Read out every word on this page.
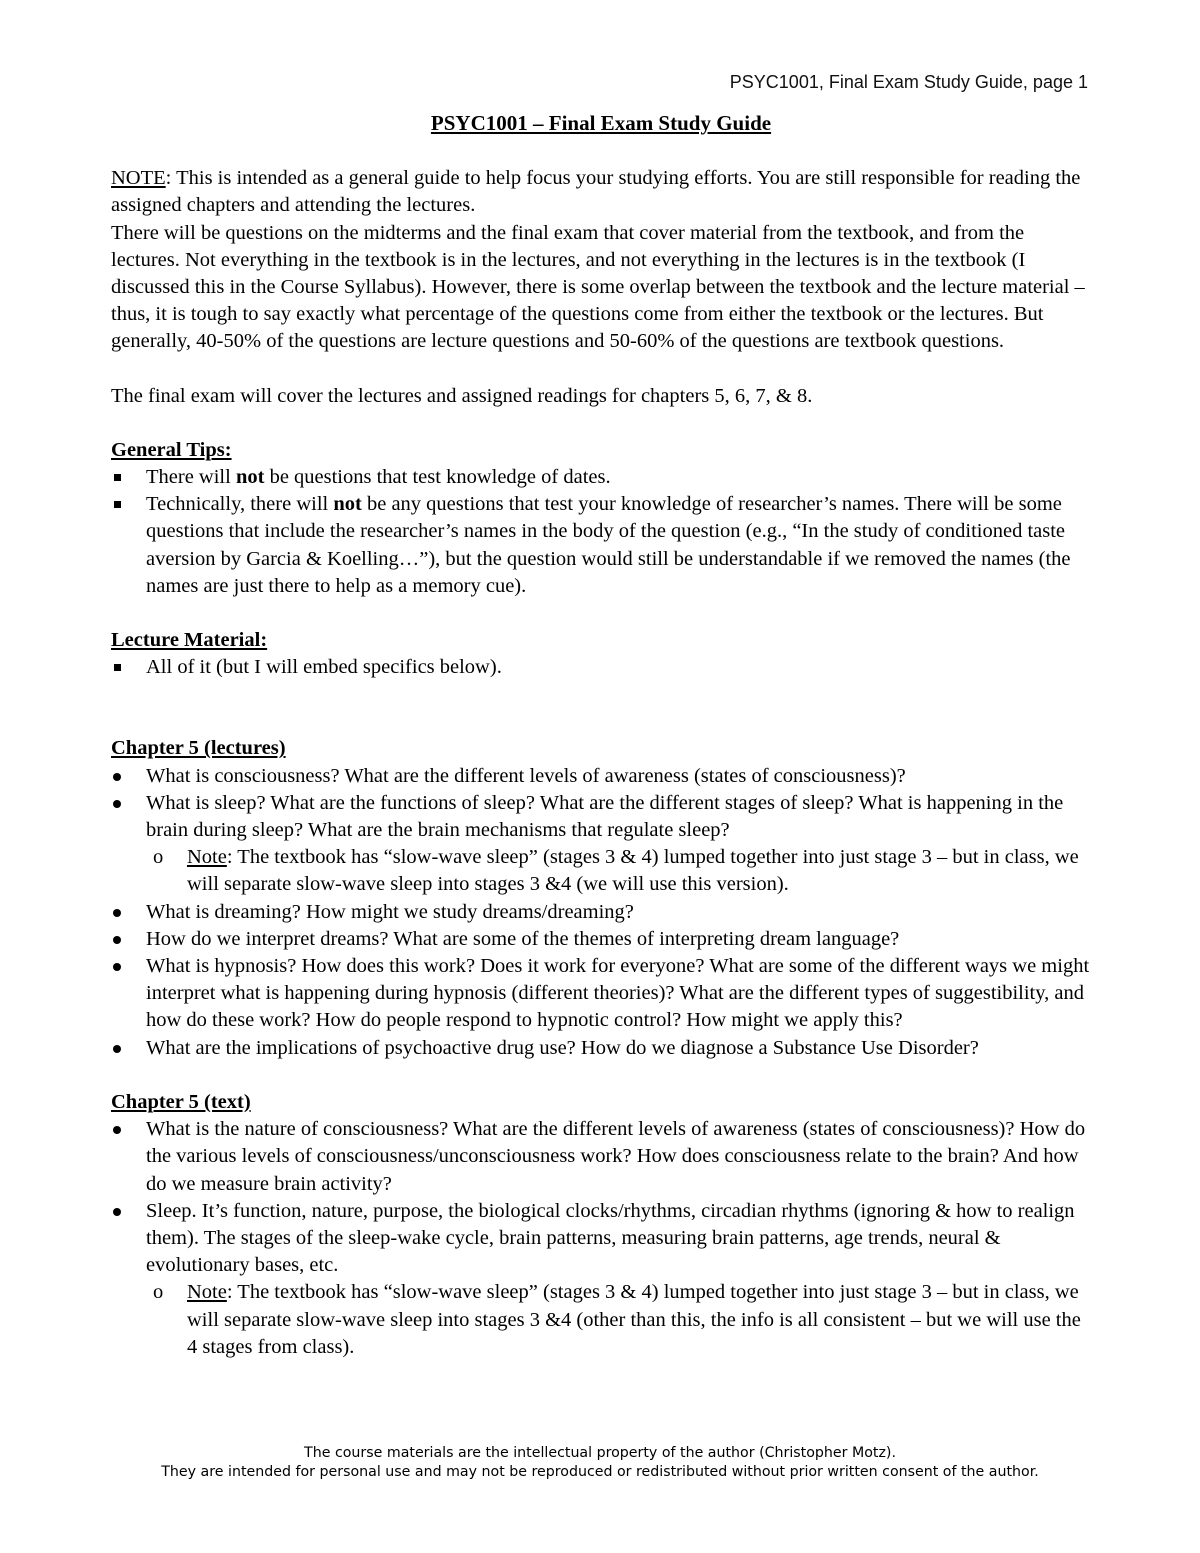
PSYC1001, Final Exam Study Guide, page 1

PSYC1001 – Final Exam Study Guide

NOTE: This is intended as a general guide to help focus your studying efforts. You are still responsible for reading the assigned chapters and attending the lectures.

There will be questions on the midterms and the final exam that cover material from the textbook, and from the lectures. Not everything in the textbook is in the lectures, and not everything in the lectures is in the textbook (I discussed this in the Course Syllabus). However, there is some overlap between the textbook and the lecture material – thus, it is tough to say exactly what percentage of the questions come from either the textbook or the lectures. But generally, 40-50% of the questions are lecture questions and 50-60% of the questions are textbook questions.

The final exam will cover the lectures and assigned readings for chapters 5, 6, 7, & 8.

General Tips:

There will not be questions that test knowledge of dates.
Technically, there will not be any questions that test your knowledge of researcher’s names. There will be some questions that include the researcher’s names in the body of the question (e.g., “In the study of conditioned taste aversion by Garcia & Koelling…”), but the question would still be understandable if we removed the names (the names are just there to help as a memory cue).

Lecture Material:

All of it (but I will embed specifics below).

Chapter 5 (lectures)

What is consciousness? What are the different levels of awareness (states of consciousness)?
What is sleep? What are the functions of sleep? What are the different stages of sleep? What is happening in the brain during sleep? What are the brain mechanisms that regulate sleep?
o Note: The textbook has “slow-wave sleep” (stages 3 & 4) lumped together into just stage 3 – but in class, we will separate slow-wave sleep into stages 3 &4 (we will use this version).
What is dreaming? How might we study dreams/dreaming?
How do we interpret dreams? What are some of the themes of interpreting dream language?
What is hypnosis? How does this work? Does it work for everyone? What are some of the different ways we might interpret what is happening during hypnosis (different theories)? What are the different types of suggestibility, and how do these work? How do people respond to hypnotic control? How might we apply this?
What are the implications of psychoactive drug use? How do we diagnose a Substance Use Disorder?

Chapter 5 (text)

What is the nature of consciousness? What are the different levels of awareness (states of consciousness)? How do the various levels of consciousness/unconsciousness work? How does consciousness relate to the brain? And how do we measure brain activity?
Sleep. It’s function, nature, purpose, the biological clocks/rhythms, circadian rhythms (ignoring & how to realign them). The stages of the sleep-wake cycle, brain patterns, measuring brain patterns, age trends, neural & evolutionary bases, etc.
o Note: The textbook has “slow-wave sleep” (stages 3 & 4) lumped together into just stage 3 – but in class, we will separate slow-wave sleep into stages 3 &4 (other than this, the info is all consistent – but we will use the 4 stages from class).
The course materials are the intellectual property of the author (Christopher Motz).
They are intended for personal use and may not be reproduced or redistributed without prior written consent of the author.
